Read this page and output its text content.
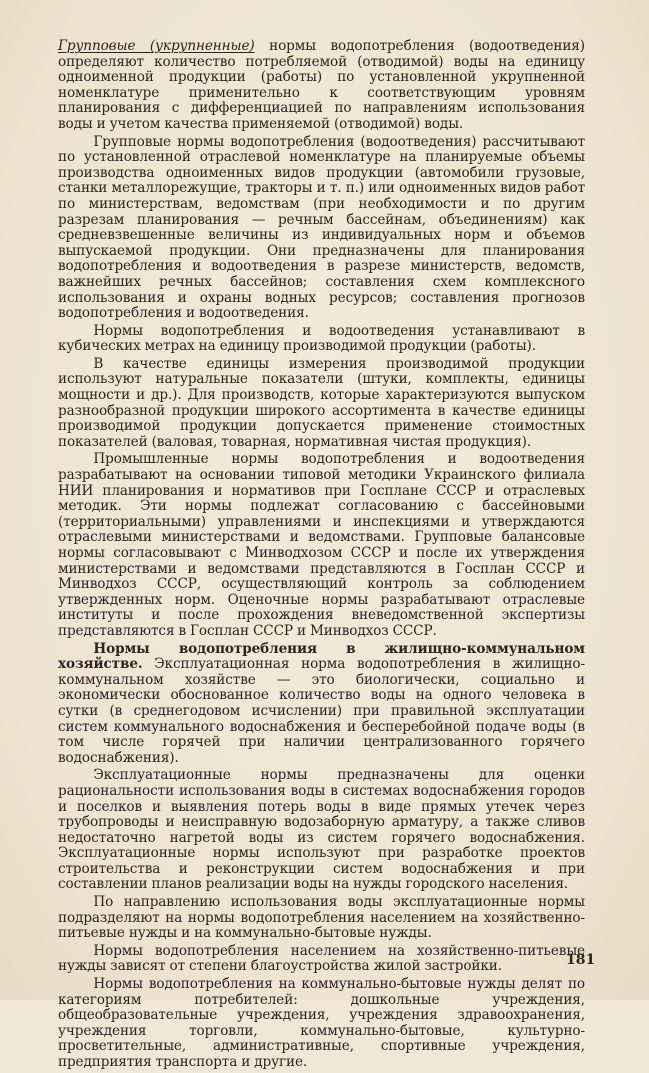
Групповые (укрупненные) нормы водопотребления (водоотведения) определяют количество потребляемой (отводимой) воды на единицу одноименной продукции (работы) по установленной укрупненной номенклатуре применительно к соответствующим уровням планирования с дифференциацией по направлениям использования воды и учетом качества применяемой (отводимой) воды.

Групповые нормы водопотребления (водоотведения) рассчитывают по установленной отраслевой номенклатуре на планируемые объемы производства одноименных видов продукции (автомобили грузовые, станки металлорежущие, тракторы и т. п.) или одноименных видов работ по министерствам, ведомствам (при необходимости и по другим разрезам планирования — речным бассейнам, объединениям) как средневзвешенные величины из индивидуальных норм и объемов выпускаемой продукции. Они предназначены для планирования водопотребления и водоотведения в разрезе министерств, ведомств, важнейших речных бассейнов; составления схем комплексного использования и охраны водных ресурсов; составления прогнозов водопотребления и водоотведения.

Нормы водопотребления и водоотведения устанавливают в кубических метрах на единицу производимой продукции (работы).

В качестве единицы измерения производимой продукции используют натуральные показатели (штуки, комплекты, единицы мощности и др.). Для производств, которые характеризуются выпуском разнообразной продукции широкого ассортимента в качестве единицы производимой продукции допускается применение стоимостных показателей (валовая, товарная, нормативная чистая продукция).

Промышленные нормы водопотребления и водоотведения разрабатывают на основании типовой методики Украинского филиала НИИ планирования и нормативов при Госплане СССР и отраслевых методик. Эти нормы подлежат согласованию с бассейновыми (территориальными) управлениями и инспекциями и утверждаются отраслевыми министерствами и ведомствами. Групповые балансовые нормы согласовывают с Минводхозом СССР и после их утверждения министерствами и ведомствами представляются в Госплан СССР и Минводхоз СССР, осуществляющий контроль за соблюдением утвержденных норм. Оценочные нормы разрабатывают отраслевые институты и после прохождения вневедомственной экспертизы представляются в Госплан СССР и Минводхоз СССР.

Нормы водопотребления в жилищно-коммунальном хозяйстве. Эксплуатационная норма водопотребления в жилищно-коммунальном хозяйстве — это биологически, социально и экономически обоснованное количество воды на одного человека в сутки (в среднегодовом исчислении) при правильной эксплуатации систем коммунального водоснабжения и бесперебойной подаче воды (в том числе горячей при наличии централизованного горячего водоснабжения).

Эксплуатационные нормы предназначены для оценки рациональности использования воды в системах водоснабжения городов и поселков и выявления потерь воды в виде прямых утечек через трубопроводы и неисправную водозаборную арматуру, а также сливов недостаточно нагретой воды из систем горячего водоснабжения. Эксплуатационные нормы используют при разработке проектов строительства и реконструкции систем водоснабжения и при составлении планов реализации воды на нужды городского населения.

По направлению использования воды эксплуатационные нормы подразделяют на нормы водопотребления населением на хозяйственно-питьевые нужды и на коммунально-бытовые нужды.

Нормы водопотребления населением на хозяйственно-питьевые нужды зависят от степени благоустройства жилой застройки.

Нормы водопотребления на коммунально-бытовые нужды делят по категориям потребителей: дошкольные учреждения, общеобразовательные учреждения, учреждения здравоохранения, учреждения торговли, коммунально-бытовые, культурно-просветительные, административные, спортивные учреждения, предприятия транспорта и другие.

181
